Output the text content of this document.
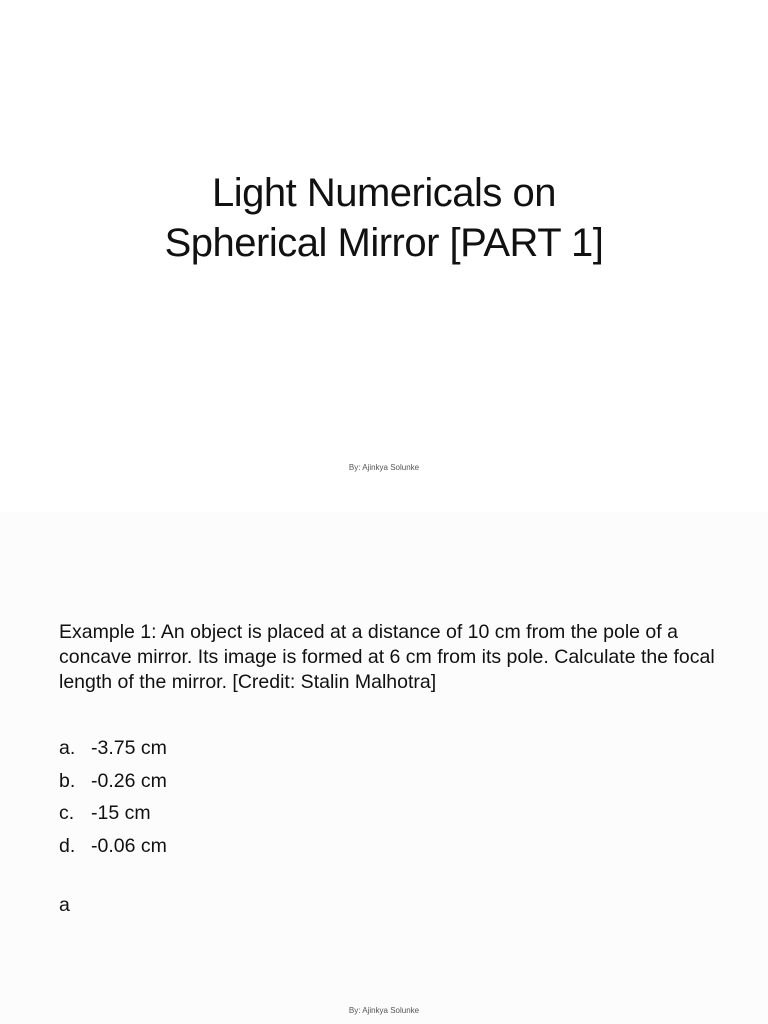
Light Numericals on
Spherical Mirror [PART 1]
By: Ajinkya Solunke
Example 1: An object is placed at a distance of 10 cm from the pole of a concave mirror. Its image is formed at 6 cm from its pole. Calculate the focal length of the mirror. [Credit: Stalin Malhotra]
a. -3.75 cm
b. -0.26 cm
c. -15 cm
d. -0.06 cm
a
By: Ajinkya Solunke
